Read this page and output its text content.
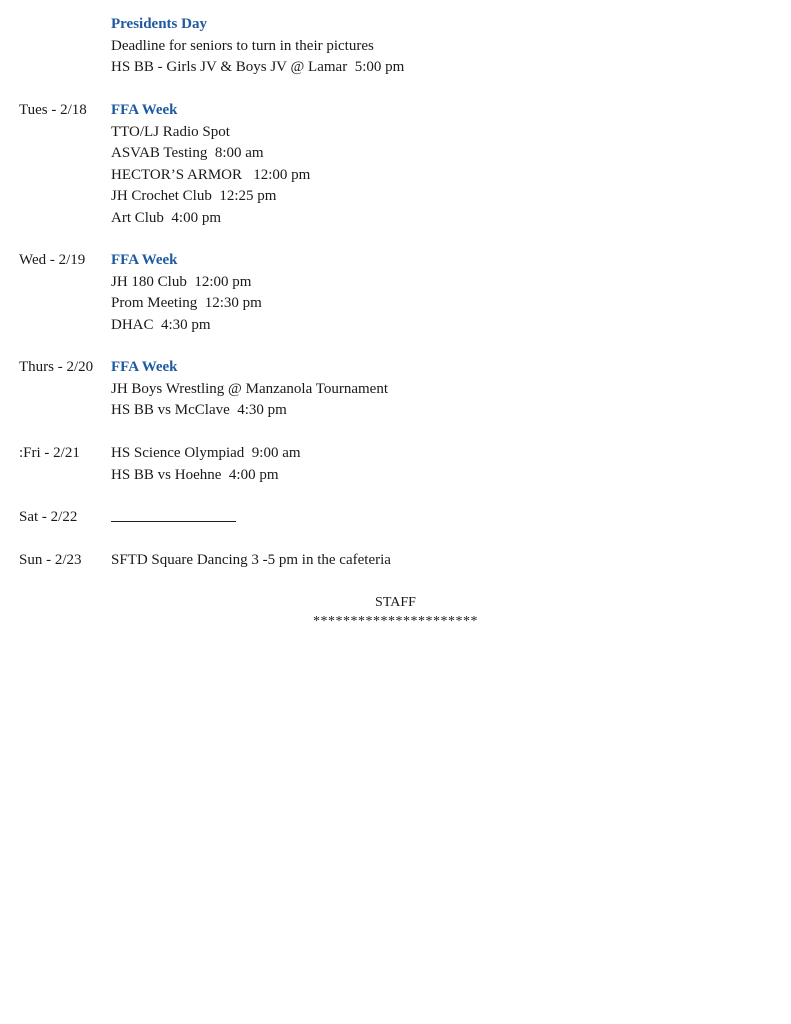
Presidents Day
Deadline for seniors to turn in their pictures
HS BB - Girls JV & Boys JV @ Lamar  5:00 pm
Tues - 2/18 FFA Week
TTO/LJ Radio Spot
ASVAB Testing  8:00 am
HECTOR’S ARMOR   12:00 pm
JH Crochet Club  12:25 pm
Art Club  4:00 pm
Wed - 2/19 FFA Week
JH 180 Club  12:00 pm
Prom Meeting  12:30 pm
DHAC  4:30 pm
Thurs - 2/20 FFA Week
JH Boys Wrestling @ Manzanola Tournament
HS BB vs McClave  4:30 pm
:Fri - 2/21 HS Science Olympiad  9:00 am
HS BB vs Hoehne  4:00 pm
Sat - 2/22
Sun - 2/23 SFTD Square Dancing 3 -5 pm in the cafeteria
STAFF
**********************
